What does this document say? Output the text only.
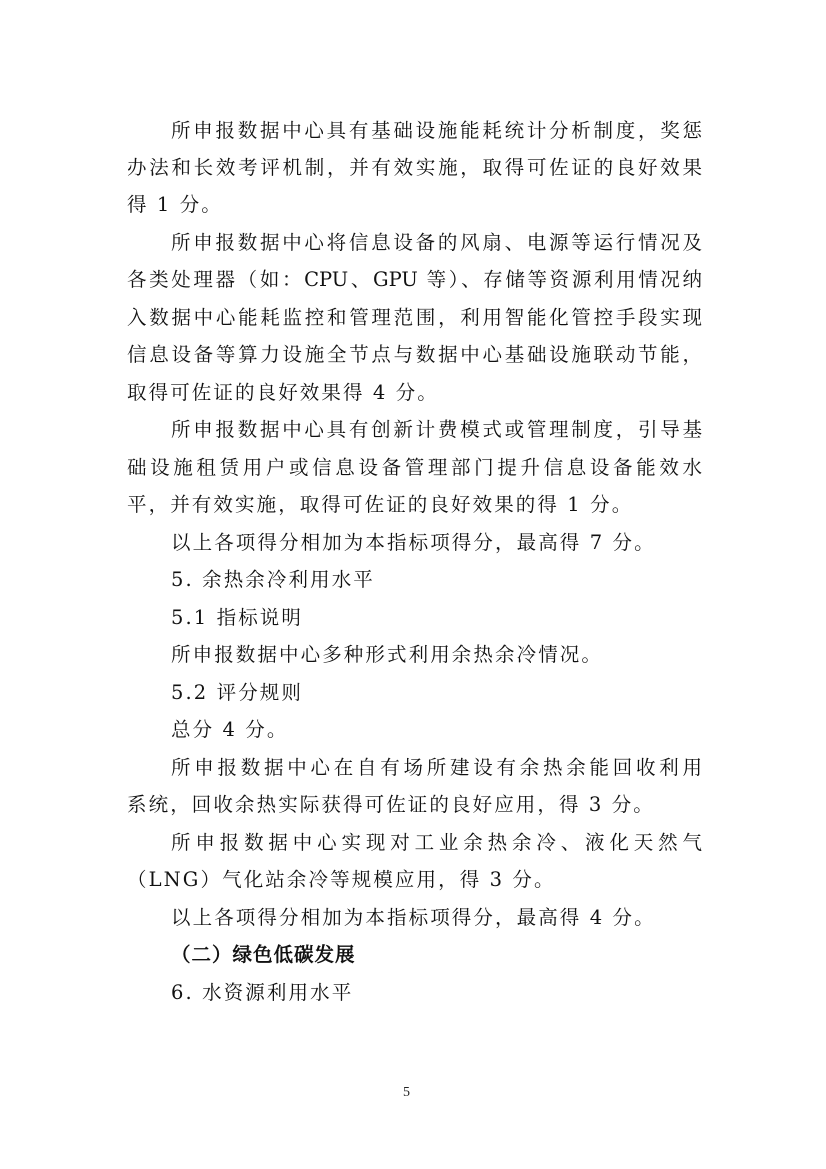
所申报数据中心具有基础设施能耗统计分析制度，奖惩
办法和长效考评机制，并有效实施，取得可佐证的良好效果
得 1 分。
所申报数据中心将信息设备的风扇、电源等运行情况及
各类处理器（如：CPU、GPU 等）、存储等资源利用情况纳
入数据中心能耗监控和管理范围，利用智能化管控手段实现
信息设备等算力设施全节点与数据中心基础设施联动节能，
取得可佐证的良好效果得 4 分。
所申报数据中心具有创新计费模式或管理制度，引导基
础设施租赁用户或信息设备管理部门提升信息设备能效水
平，并有效实施，取得可佐证的良好效果的得 1 分。
以上各项得分相加为本指标项得分，最高得 7 分。
5. 余热余冷利用水平
5.1 指标说明
所申报数据中心多种形式利用余热余冷情况。
5.2 评分规则
总分 4 分。
所申报数据中心在自有场所建设有余热余能回收利用
系统，回收余热实际获得可佐证的良好应用，得 3 分。
所申报数据中心实现对工业余热余冷、液化天然气
（LNG）气化站余冷等规模应用，得 3 分。
以上各项得分相加为本指标项得分，最高得 4 分。
（二）绿色低碳发展
6. 水资源利用水平
5
